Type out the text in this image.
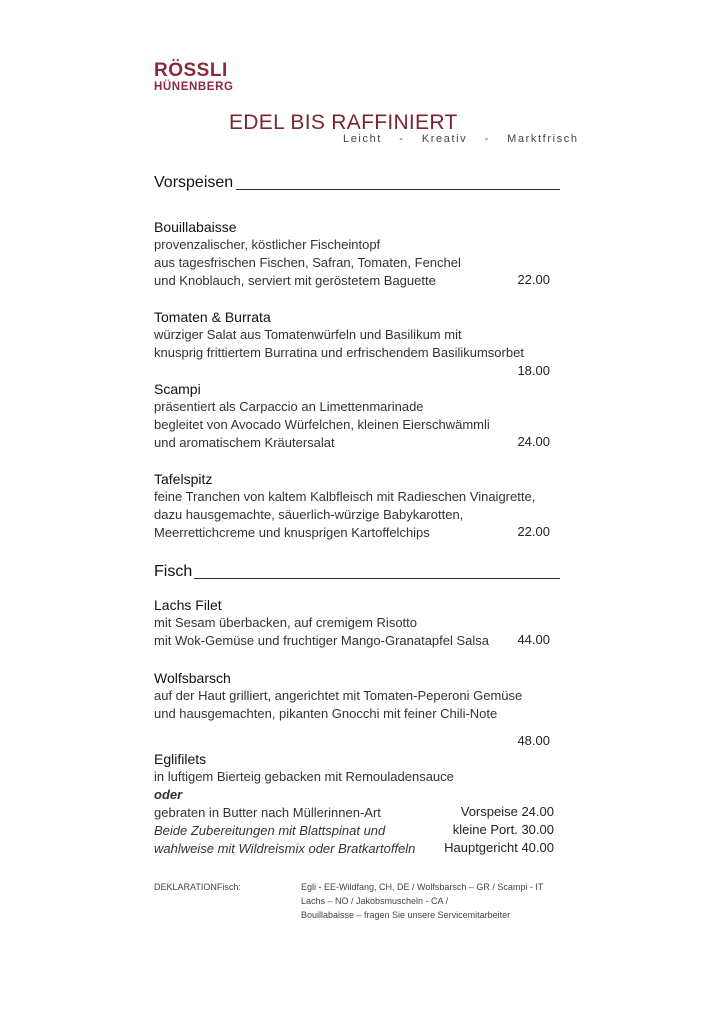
RÖSSLI
HÜNENBERG
EDEL BIS RAFFINIERT
Leicht  -  Kreativ  -  Marktfrisch
Vorspeisen
Bouillabaisse
provenzalischer, köstlicher Fischeintopf
aus tagesfrischen Fischen, Safran, Tomaten, Fenchel
und Knoblauch, serviert mit geröstetem Baguette	22.00
Tomaten & Burrata
würziger Salat aus Tomatenwürfeln und Basilikum mit
knusprig frittiertem Burratina und erfrischendem Basilikumsorbet
18.00
Scampi
präsentiert als Carpaccio an Limettenmarinade
begleitet von Avocado Würfelchen, kleinen Eierschwämmli
und aromatischem Kräutersalat	24.00
Tafelspitz
feine Tranchen von kaltem Kalbfleisch mit Radieschen Vinaigrette,
dazu hausgemachte, säuerlich-würzige Babykarotten,
Meerrettichcreme und knusprigen Kartoffelchips	22.00
Fisch
Lachs Filet
mit Sesam überbacken, auf cremigem Risotto
mit Wok-Gemüse und fruchtiger Mango-Granatapfel Salsa	44.00
Wolfsbarsch
auf der Haut grilliert, angerichtet mit Tomaten-Peperoni Gemüse
und hausgemachten, pikanten Gnocchi mit feiner Chili-Note
48.00
Eglifilets
in luftigem Bierteig gebacken mit Remouladensauce
oder
gebraten in Butter nach Müllerinnen-Art
Beide Zubereitungen mit Blattspinat und
wahlweise mit Wildreismix oder Bratkartoffeln
Vorspeise 24.00
kleine Port. 30.00
Hauptgericht 40.00
DEKLARATIONFisch:	Egli - EE-Wildfang, CH, DE / Wolfsbarsch – GR / Scampi - IT
Lachs – NO / Jakobsmuscheln - CA /
Bouillabaisse – fragen Sie unsere Servicemitarbeiter
